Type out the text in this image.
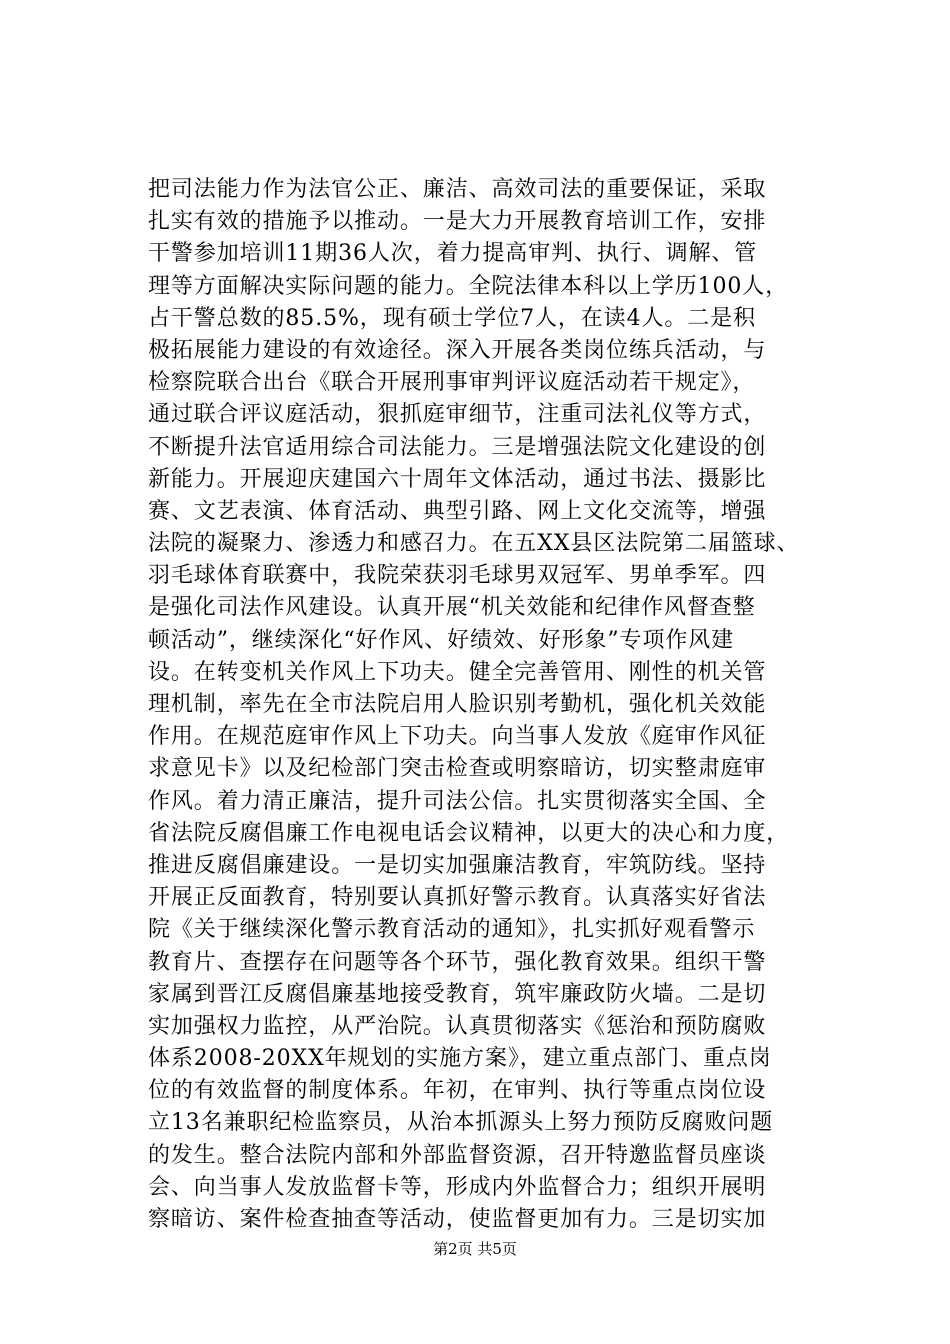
把司法能力作为法官公正、廉洁、高效司法的重要保证，采取
扎实有效的措施予以推动。一是大力开展教育培训工作，安排
干警参加培训11期36人次，着力提高审判、执行、调解、管
理等方面解决实际问题的能力。全院法律本科以上学历100人，
占干警总数的85.5%，现有硕士学位7人，在读4人。二是积
极拓展能力建设的有效途径。深入开展各类岗位练兵活动，与
检察院联合出台《联合开展刑事审判评议庭活动若干规定》，
通过联合评议庭活动，狠抓庭审细节，注重司法礼仪等方式，
不断提升法官适用综合司法能力。三是增强法院文化建设的创
新能力。开展迎庆建国六十周年文体活动，通过书法、摄影比
赛、文艺表演、体育活动、典型引路、网上文化交流等，增强
法院的凝聚力、渗透力和感召力。在五XX县区法院第二届篮球、
羽毛球体育联赛中，我院荣获羽毛球男双冠军、男单季军。四
是强化司法作风建设。认真开展“机关效能和纪律作风督查整
顿活动”，继续深化“好作风、好绩效、好形象”专项作风建
设。在转变机关作风上下功夫。健全完善管用、刚性的机关管
理机制，率先在全市法院启用人脸识别考勤机，强化机关效能
作用。在规范庭审作风上下功夫。向当事人发放《庭审作风征
求意见卡》以及纪检部门突击检查或明察暗访，切实整肃庭审
作风。着力清正廉洁，提升司法公信。扎实贯彻落实全国、全
省法院反腐倡廉工作电视电话会议精神，以更大的决心和力度，
推进反腐倡廉建设。一是切实加强廉洁教育，牢筑防线。坚持
开展正反面教育，特别要认真抓好警示教育。认真落实好省法
院《关于继续深化警示教育活动的通知》，扎实抓好观看警示
教育片、查摆存在问题等各个环节，强化教育效果。组织干警
家属到晋江反腐倡廉基地接受教育，筑牢廉政防火墙。二是切
实加强权力监控，从严治院。认真贯彻落实《惩治和预防腐败
体系2008-20XX年规划的实施方案》，建立重点部门、重点岗
位的有效监督的制度体系。年初，在审判、执行等重点岗位设
立13名兼职纪检监察员，从治本抓源头上努力预防反腐败问题
的发生。整合法院内部和外部监督资源，召开特邀监督员座谈
会、向当事人发放监督卡等，形成内外监督合力；组织开展明
察暗访、案件检查抽查等活动，使监督更加有力。三是切实加
第2页 共5页
